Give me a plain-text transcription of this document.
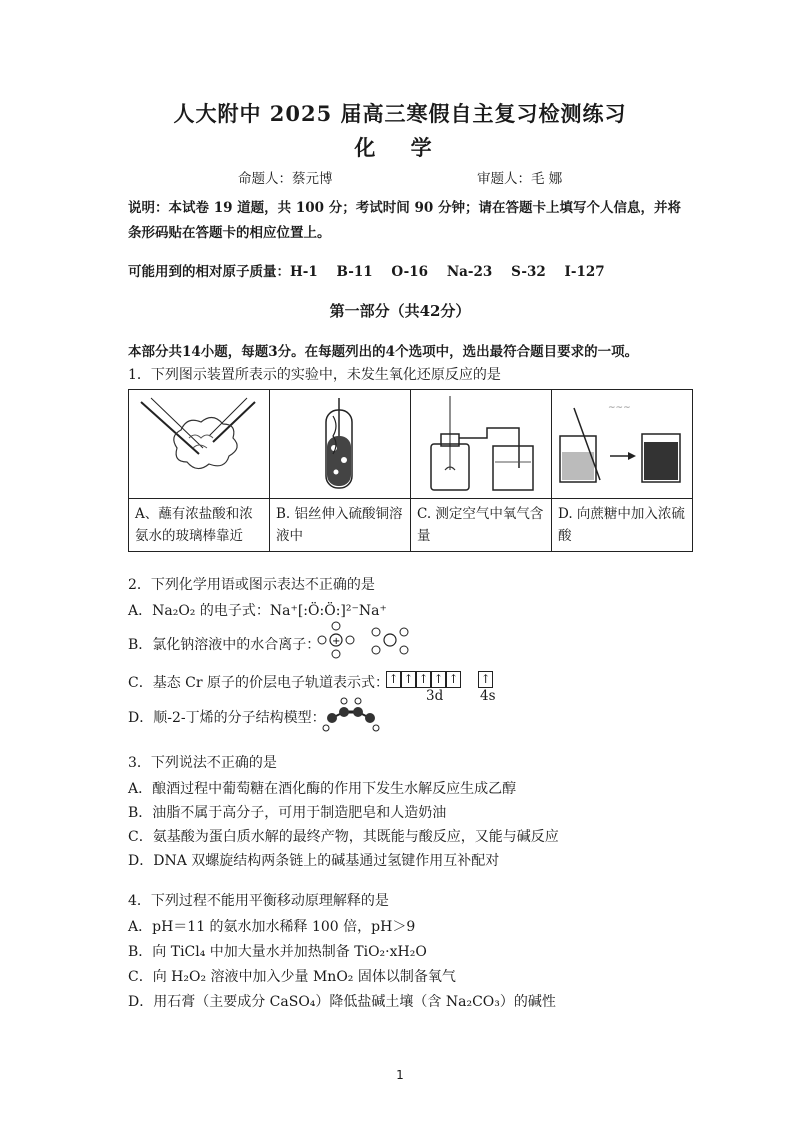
人大附中 2025 届高三寒假自主复习检测练习
化 学
命题人：蔡元博	审题人：毛 娜
说明：本试卷 19 道题，共 100 分；考试时间 90 分钟；请在答题卡上填写个人信息，并将
条形码贴在答题卡的相应位置上。
可能用到的相对原子质量：H-1    B-11    O-16    Na-23    S-32    I-127
第一部分（共42分）
本部分共14小题，每题3分。在每题列出的4个选项中，选出最符合题目要求的一项。
1．下列图示装置所表示的实验中，未发生氧化还原反应的是

~~~

A、蘸有浓盐酸和浓氨水的玻璃棒靠近	B. 铝丝伸入硫酸铜溶液中	C. 测定空气中氧气含量	D. 向蔗糖中加入浓硫酸
2．下列化学用语或图示表达不正确的是
A．Na₂O₂ 的电子式：Na⁺[:Ö:Ö:]²⁻Na⁺
B．氯化钠溶液中的水合离子： +
C．基态 Cr 原子的价层电子轨道表示式： ↑ ↑ ↑ ↑ ↑ ↑
3d	4s
D．顺-2-丁烯的分子结构模型：
3．下列说法不正确的是
A．酿酒过程中葡萄糖在酒化酶的作用下发生水解反应生成乙醇
B．油脂不属于高分子，可用于制造肥皂和人造奶油
C．氨基酸为蛋白质水解的最终产物，其既能与酸反应，又能与碱反应
D．DNA 双螺旋结构两条链上的碱基通过氢键作用互补配对
4．下列过程不能用平衡移动原理解释的是
A．pH＝11 的氨水加水稀释 100 倍，pH＞9
B．向 TiCl₄ 中加大量水并加热制备 TiO₂·xH₂O
C．向 H₂O₂ 溶液中加入少量 MnO₂ 固体以制备氧气
D．用石膏（主要成分 CaSO₄）降低盐碱土壤（含 Na₂CO₃）的碱性
1
